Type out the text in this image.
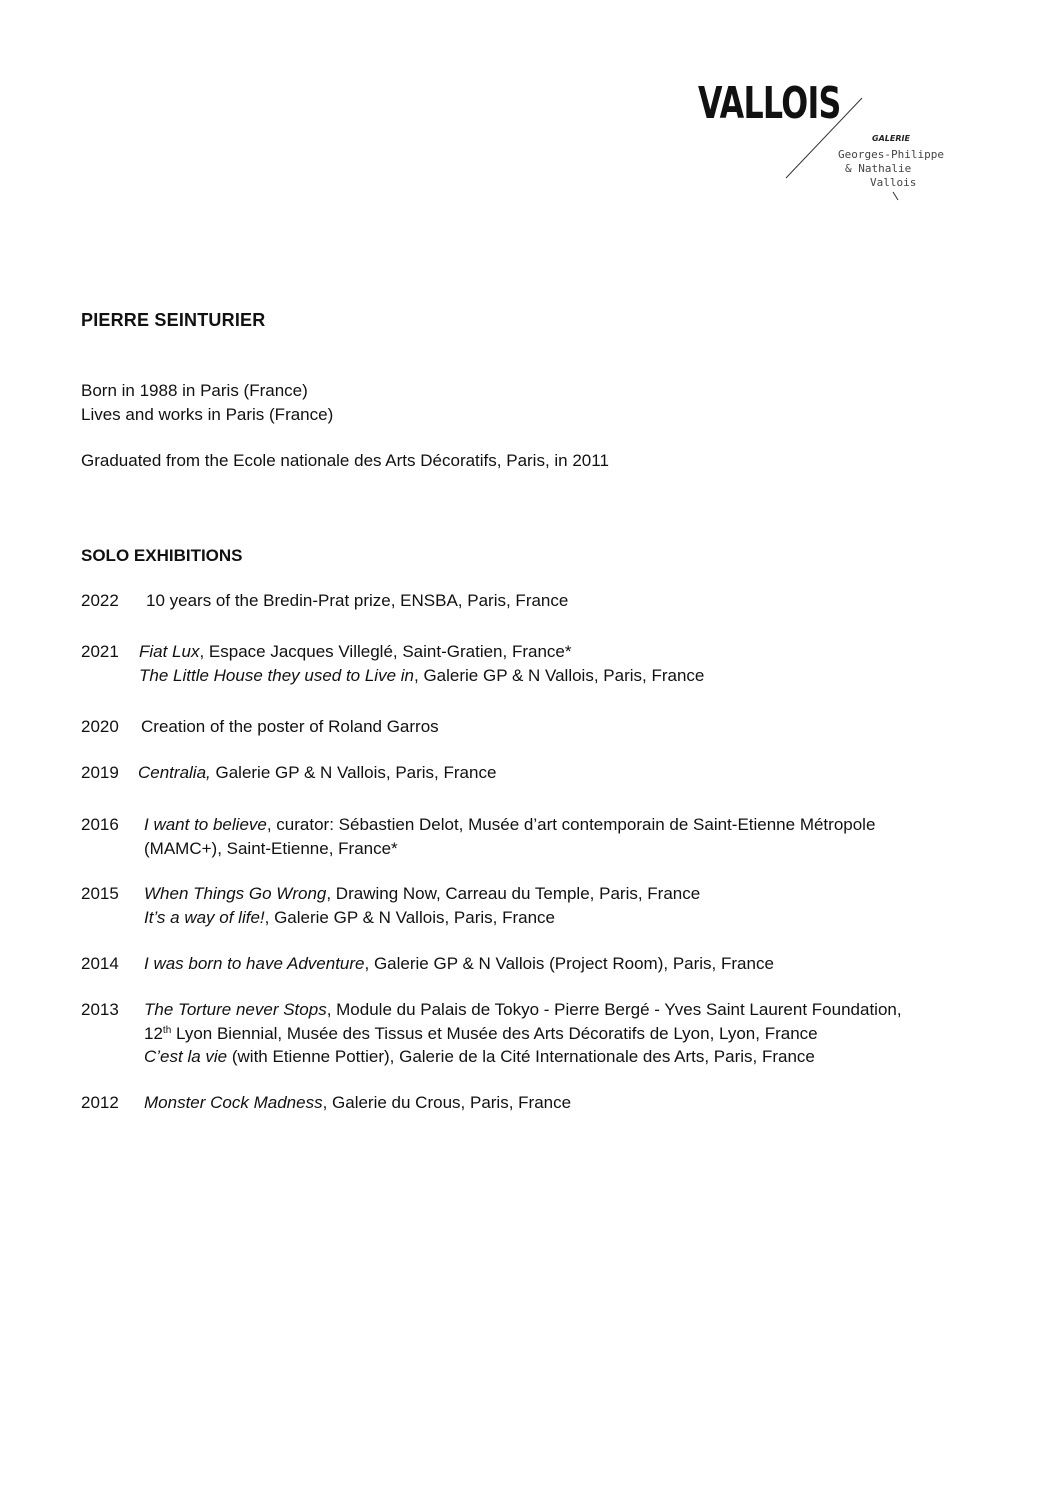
VALLOIS
GALERIE
Georges-Philippe
& Nathalie
Vallois
PIERRE SEINTURIER
Born in 1988 in Paris (France)
Lives and works in Paris (France)
Graduated from the Ecole nationale des Arts Décoratifs, Paris, in 2011
SOLO EXHIBITIONS
2022 10 years of the Bredin-Prat prize, ENSBA, Paris, France
2021 Fiat Lux, Espace Jacques Villeglé, Saint-Gratien, France*
The Little House they used to Live in, Galerie GP & N Vallois, Paris, France
2020 Creation of the poster of Roland Garros
2019 Centralia, Galerie GP & N Vallois, Paris, France
2016 I want to believe, curator: Sébastien Delot, Musée d’art contemporain de Saint-Etienne Métropole
(MAMC+), Saint-Etienne, France*
2015 When Things Go Wrong, Drawing Now, Carreau du Temple, Paris, France
It’s a way of life!, Galerie GP & N Vallois, Paris, France
2014 I was born to have Adventure, Galerie GP & N Vallois (Project Room), Paris, France
2013 The Torture never Stops, Module du Palais de Tokyo - Pierre Bergé - Yves Saint Laurent Foundation,
12th Lyon Biennial, Musée des Tissus et Musée des Arts Décoratifs de Lyon, Lyon, France
C’est la vie (with Etienne Pottier), Galerie de la Cité Internationale des Arts, Paris, France
2012 Monster Cock Madness, Galerie du Crous, Paris, France
